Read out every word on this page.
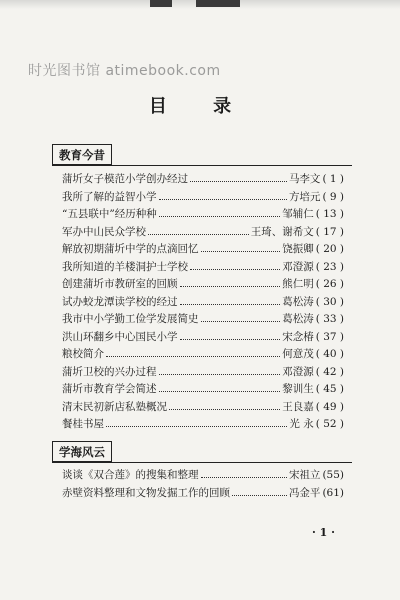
时光图书馆 atimebook.com
目 录
教育今昔
蒲圻女子模范小学创办经过	马李文 ( 1 )
我所了解的益智小学	方培元 ( 9 )
“五县联中”经历种种	邹辅仁 ( 13 )
军办中山民众学校	王琦、谢希文 ( 17 )
解放初期蒲圻中学的点滴回忆	饶振卿 ( 20 )
我所知道的羊楼洞护士学校	邓澄源 ( 23 )
创建蒲圻市教研室的回顾	熊仁明 ( 26 )
试办蛟龙潭读学校的经过	葛松涛 ( 30 )
我市中小学勤工俭学发展简史	葛松涛 ( 33 )
洪山环翻乡中心国民小学	宋念椿 ( 37 )
粮校简介	何意茂 ( 40 )
蒲圻卫校的兴办过程	邓澄源 ( 42 )
蒲圻市教育学会简述	黎训生 ( 45 )
清末民初新店私塾概况	王良嘉 ( 49 )
餐桂书屋	光 永 ( 52 )
学海风云
谈谈《双合莲》的搜集和整理	宋祖立 (55)
赤壁资料整理和文物发掘工作的回顾	冯金平 (61)
· 1 ·
